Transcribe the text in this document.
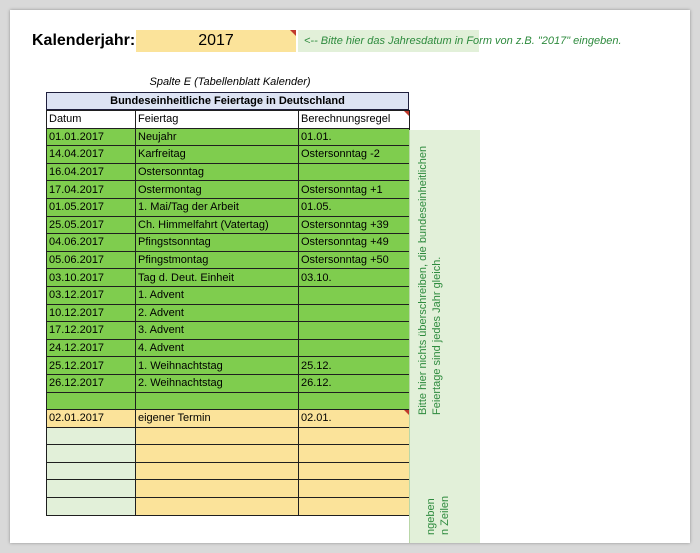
Kalenderjahr:	2017	<-- Bitte hier das Jahresdatum in Form von z.B. "2017" eingeben.
Spalte E (Tabellenblatt Kalender)
Bundeseinheitliche Feiertage in Deutschland
Datum	Feiertag	Berechnungsregel
01.01.2017	Neujahr	01.01.
14.04.2017	Karfreitag	Ostersonntag -2
16.04.2017	Ostersonntag	
17.04.2017	Ostermontag	Ostersonntag +1
01.05.2017	1. Mai/Tag der Arbeit	01.05.
25.05.2017	Ch. Himmelfahrt (Vatertag)	Ostersonntag +39
04.06.2017	Pfingstsonntag	Ostersonntag +49
05.06.2017	Pfingstmontag	Ostersonntag +50
03.10.2017	Tag d. Deut. Einheit	03.10.
03.12.2017	1. Advent	
10.12.2017	2. Advent	
17.12.2017	3. Advent	
24.12.2017	4. Advent	
25.12.2017	1. Weihnachtstag	25.12.
26.12.2017	2. Weihnachtstag	26.12.

02.01.2017	eigener Termin	02.01.

Bitte hier nichts überschreiben, die bundeseinheitlichen Feiertage sind jedes Jahr gleich.
ngeben
n Zeilen
